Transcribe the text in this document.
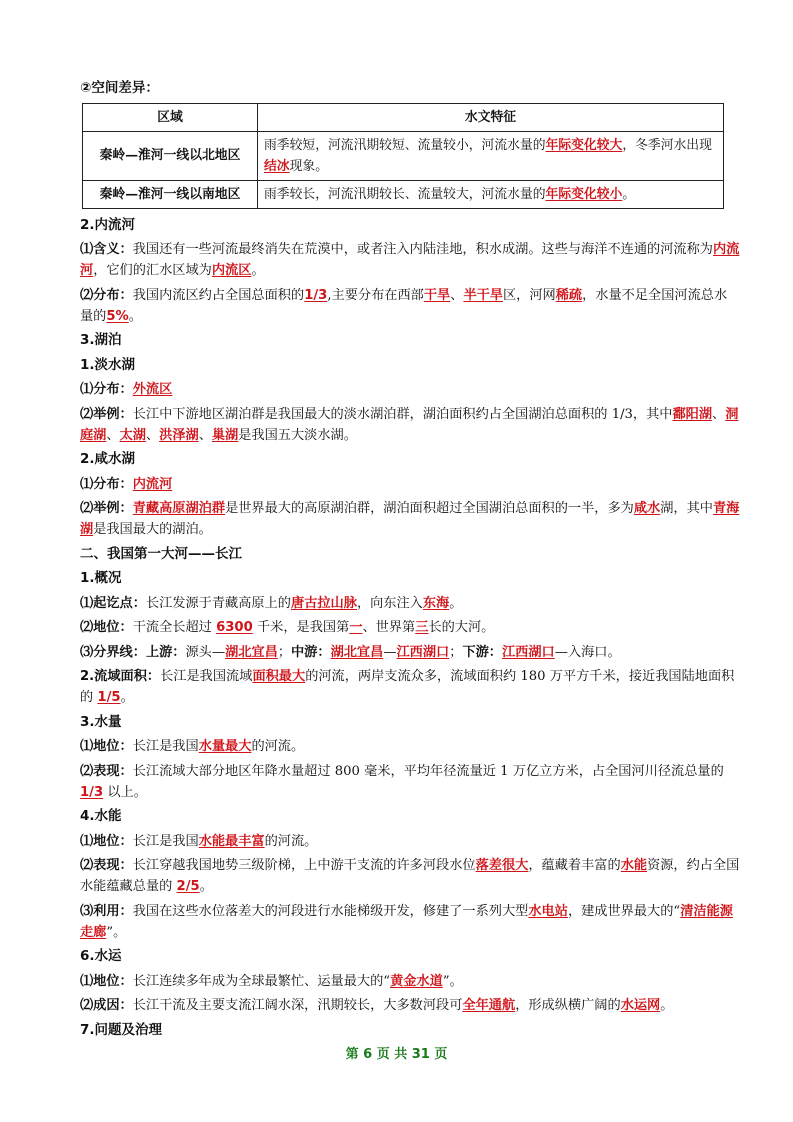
②空间差异：
区域	水文特征
秦岭—淮河一线以北地区	雨季较短，河流汛期较短、流量较小，河流水量的年际变化较大，冬季河水出现结冰现象。
秦岭—淮河一线以南地区	雨季较长，河流汛期较长、流量较大，河流水量的年际变化较小。
2.内流河
⑴含义：我国还有一些河流最终消失在荒漠中，或者注入内陆洼地，积水成湖。这些与海洋不连通的河流称为内流河，它们的汇水区域为内流区。
⑵分布：我国内流区约占全国总面积的1/3,主要分布在西部干旱、半干旱区，河网稀疏，水量不足全国河流总水量的5%。
3.湖泊
1.淡水湖
⑴分布：外流区
⑵举例：长江中下游地区湖泊群是我国最大的淡水湖泊群，湖泊面积约占全国湖泊总面积的 1/3，其中鄱阳湖、洞庭湖、太湖、洪泽湖、巢湖是我国五大淡水湖。
2.咸水湖
⑴分布：内流河
⑵举例：青藏高原湖泊群是世界最大的高原湖泊群，湖泊面积超过全国湖泊总面积的一半，多为咸水湖，其中青海湖是我国最大的湖泊。
二、我国第一大河——长江
1.概况
⑴起讫点：长江发源于青藏高原上的唐古拉山脉，向东注入东海。
⑵地位：干流全长超过 6300 千米，是我国第一、世界第三长的大河。
⑶分界线：上游：源头—湖北宜昌；中游：湖北宜昌—江西湖口；下游：江西湖口—入海口。
2.流域面积：长江是我国流域面积最大的河流，两岸支流众多，流域面积约 180 万平方千米，接近我国陆地面积的 1/5。
3.水量
⑴地位：长江是我国水量最大的河流。
⑵表现：长江流域大部分地区年降水量超过 800 毫米，平均年径流量近 1 万亿立方米，占全国河川径流总量的 1/3 以上。
4.水能
⑴地位：长江是我国水能最丰富的河流。
⑵表现：长江穿越我国地势三级阶梯，上中游干支流的许多河段水位落差很大，蕴藏着丰富的水能资源，约占全国水能蕴藏总量的 2/5。
⑶利用：我国在这些水位落差大的河段进行水能梯级开发，修建了一系列大型水电站，建成世界最大的“清洁能源走廊”。
6.水运
⑴地位：长江连续多年成为全球最繁忙、运量最大的“黄金水道”。
⑵成因：长江干流及主要支流江阔水深，汛期较长，大多数河段可全年通航，形成纵横广阔的水运网。
7.问题及治理
第 6 页 共 31 页
